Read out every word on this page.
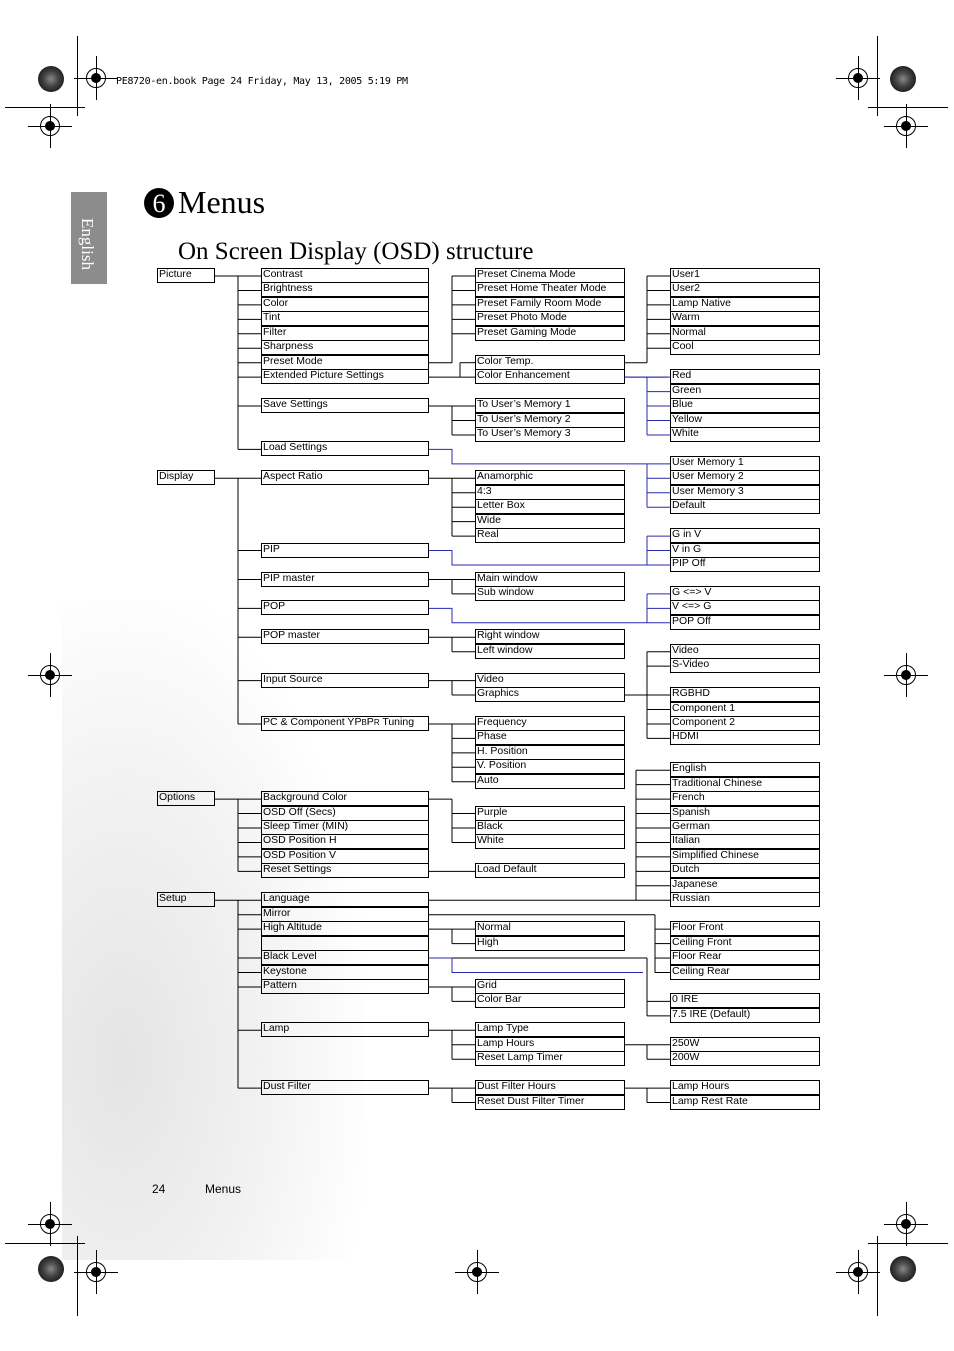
PE8720-en.book Page 24 Friday, May 13, 2005 5:19 PM
English
6 Menus
On Screen Display (OSD) structure
Picture
Display
Options
Setup
Contrast
Brightness
Color
Tint
Filter
Sharpness
Preset Mode
Extended Picture Settings
Save Settings
Load Settings
Preset Cinema Mode
Preset Home Theater Mode
Preset Family Room Mode
Preset Photo Mode
Preset Gaming Mode
Color Temp.
Color Enhancement
To User’s Memory 1
To User’s Memory 2
To User’s Memory 3
User1
User2
Lamp Native
Warm
Normal
Cool
Red
Green
Blue
Yellow
White
User Memory 1
User Memory 2
User Memory 3
Default
Aspect Ratio
PIP
PIP master
POP
POP master
Input Source
PC & Component YPBPR Tuning
Anamorphic
4:3
Letter Box
Wide
Real
Main window
Sub window
Right window
Left window
Video
Graphics
Frequency
Phase
H. Position
V. Position
Auto
G in V
V in G
PIP Off
G <=> V
V <=> G
POP Off
Video
S-Video
RGBHD
Component 1
Component 2
HDMI
Background Color
OSD Off (Secs)
Sleep Timer (MIN)
OSD Position H
OSD Position V
Reset Settings
Purple
Black
White
Load Default
English
Traditional Chinese
French
Spanish
German
Italian
Simplified Chinese
Dutch
Japanese
Russian
Language
Mirror
High Altitude
Black Level
Keystone
Pattern
Lamp
Dust Filter
Normal
High
Grid
Color Bar
Lamp Type
Lamp Hours
Reset Lamp Timer
Dust Filter Hours
Reset Dust Filter Timer
Floor Front
Ceiling Front
Floor Rear
Ceiling Rear
0 IRE
7.5 IRE (Default)
250W
200W
Lamp Hours
Lamp Rest Rate
24	Menus
